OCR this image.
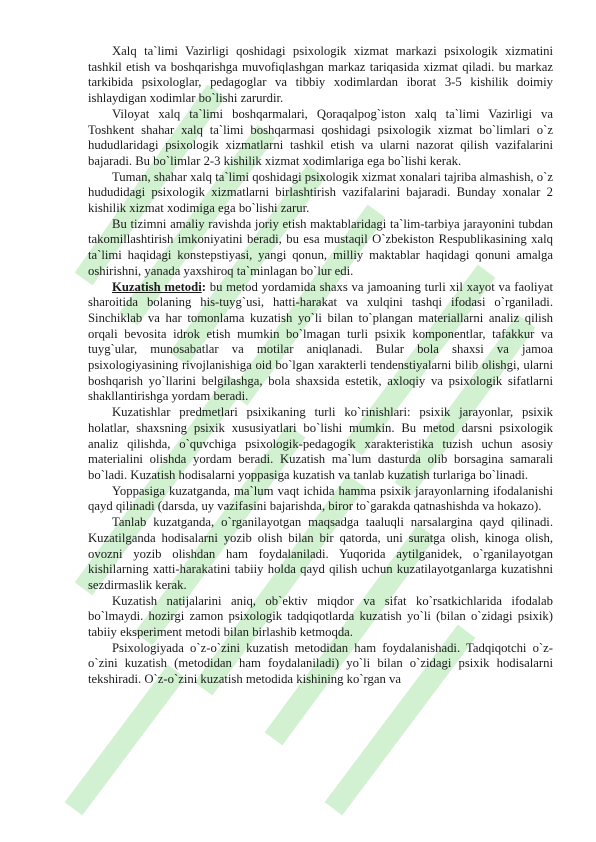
Xalq ta`limi Vazirligi qoshidagi psixologik xizmat markazi psixologik xizmatini tashkil etish va boshqarishga muvofiqlashgan markaz tariqasida xizmat qiladi. bu markaz tarkibida psixologlar, pedagoglar va tibbiy xodimlardan iborat 3-5 kishilik doimiy ishlaydigan xodimlar bo`lishi zarurdir.

Viloyat xalq ta`limi boshqarmalari, Qoraqalpog`iston xalq ta`limi Vazirligi va Toshkent shahar xalq ta`limi boshqarmasi qoshidagi psixologik xizmat bo`limlari o`z hududlaridagi psixologik xizmatlarni tashkil etish va ularni nazorat qilish vazifalarini bajaradi. Bu bo`limlar 2-3 kishilik xizmat xodimlariga ega bo`lishi kerak.

Tuman, shahar xalq ta`limi qoshidagi psixologik xizmat xonalari tajriba almashish, o`z hududidagi psixologik xizmatlarni birlashtirish vazifalarini bajaradi. Bunday xonalar 2 kishilik xizmat xodimiga ega bo`lishi zarur.

Bu tizimni amaliy ravishda joriy etish maktablaridagi ta`lim-tarbiya jarayonini tubdan takomillashtirish imkoniyatini beradi, bu esa mustaqil O`zbekiston Respublikasining xalq ta`limi haqidagi konstepstiyasi, yangi qonun, milliy maktablar haqidagi qonuni amalga oshirishni, yanada yaxshiroq ta`minlagan bo`lur edi.

Kuzatish metodi: bu metod yordamida shaxs va jamoaning turli xil xayot va faoliyat sharoitida bolaning his-tuyg`usi, hatti-harakat va xulqini tashqi ifodasi o`rganiladi. Sinchiklab va har tomonlama kuzatish yo`li bilan to`plangan materiallarni analiz qilish orqali bevosita idrok etish mumkin bo`lmagan turli psixik komponentlar, tafakkur va tuyg`ular, munosabatlar va motilar aniqlanadi. Bular bola shaxsi va jamoa psixologiyasining rivojlanishiga oid bo`lgan xarakterli tendenstiyalarni bilib olishgi, ularni boshqarish yo`llarini belgilashga, bola shaxsida estetik, axloqiy va psixologik sifatlarni shakllantirishga yordam beradi.

Kuzatishlar predmetlari psixikaning turli ko`rinishlari: psixik jarayonlar, psixik holatlar, shaxsning psixik xususiyatlari bo`lishi mumkin. Bu metod darsni psixologik analiz qilishda, o`quvchiga psixologik-pedagogik xarakteristika tuzish uchun asosiy materialini olishda yordam beradi. Kuzatish ma`lum dasturda olib borsagina samarali bo`ladi. Kuzatish hodisalarni yoppasiga kuzatish va tanlab kuzatish turlariga bo`linadi.

Yoppasiga kuzatganda, ma`lum vaqt ichida hamma psixik jarayonlarning ifodalanishi qayd qilinadi (darsda, uy vazifasini bajarishda, biror to`garakda qatnashishda va hokazo).

Tanlab kuzatganda, o`rganilayotgan maqsadga taaluqli narsalargina qayd qilinadi. Kuzatilganda hodisalarni yozib olish bilan bir qatorda, uni suratga olish, kinoga olish, ovozni yozib olishdan ham foydalaniladi. Yuqorida aytilganidek, o`rganilayotgan kishilarning xatti-harakatini tabiiy holda qayd qilish uchun kuzatilayotganlarga kuzatishni sezdirmaslik kerak.

Kuzatish natijalarini aniq, ob`ektiv miqdor va sifat ko`rsatkichlarida ifodalab bo`lmaydi. hozirgi zamon psixologik tadqiqotlarda kuzatish yo`li (bilan o`zidagi psixik) tabiiy eksperiment metodi bilan birlashib ketmoqda.

Psixologiyada o`z-o`zini kuzatish metodidan ham foydalanishadi. Tadqiqotchi o`z-o`zini kuzatish (metodidan ham foydalaniladi) yo`li bilan o`zidagi psixik hodisalarni tekshiradi. O`z-o`zini kuzatish metodida kishining ko`rgan va
